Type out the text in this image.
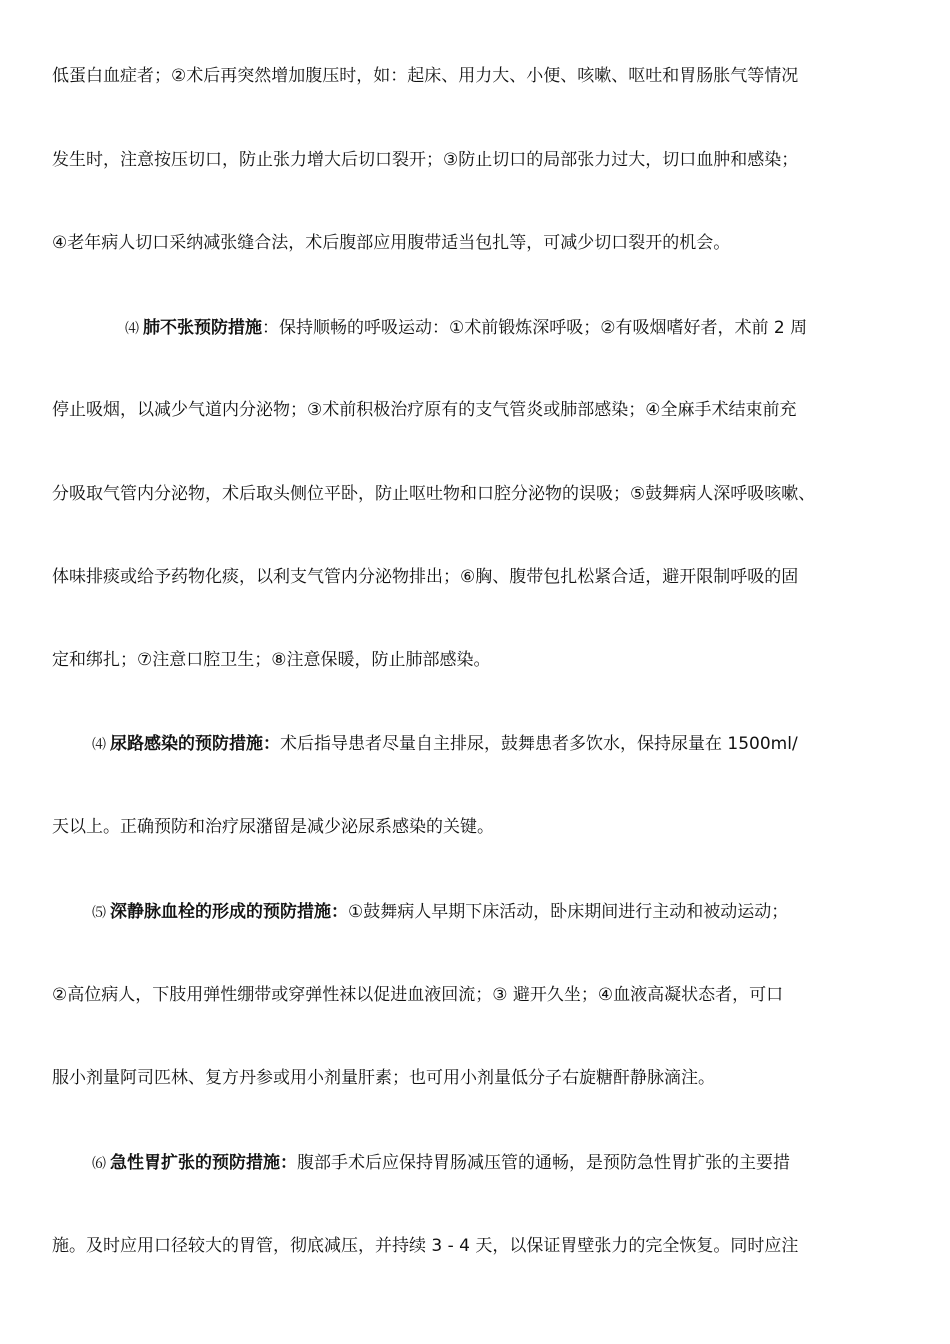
低蛋白血症者；②术后再突然增加腹压时，如：起床、用力大、小便、咳嗽、呕吐和胃肠胀气等情况
发生时，注意按压切口，防止张力增大后切口裂开；③防止切口的局部张力过大，切口血肿和感染；
④老年病人切口采纳减张缝合法，术后腹部应用腹带适当包扎等，可减少切口裂开的机会。
⑷ 肺不张预防措施：保持顺畅的呼吸运动：①术前锻炼深呼吸；②有吸烟嗜好者，术前 2 周
停止吸烟，以减少气道内分泌物；③术前积极治疗原有的支气管炎或肺部感染；④全麻手术结束前充
分吸取气管内分泌物，术后取头侧位平卧，防止呕吐物和口腔分泌物的误吸；⑤鼓舞病人深呼吸咳嗽、
体味排痰或给予药物化痰，以利支气管内分泌物排出；⑥胸、腹带包扎松紧合适，避开限制呼吸的固
定和绑扎；⑦注意口腔卫生；⑧注意保暖，防止肺部感染。
⑷ 尿路感染的预防措施：术后指导患者尽量自主排尿，鼓舞患者多饮水，保持尿量在 1500ml/
天以上。正确预防和治疗尿潴留是减少泌尿系感染的关键。
⑸ 深静脉血栓的形成的预防措施：①鼓舞病人早期下床活动，卧床期间进行主动和被动运动；
②高位病人，下肢用弹性绷带或穿弹性袜以促进血液回流；③ 避开久坐；④血液高凝状态者，可口
服小剂量阿司匹林、复方丹参或用小剂量肝素；也可用小剂量低分子右旋糖酐静脉滴注。
⑹ 急性胃扩张的预防措施：腹部手术后应保持胃肠减压管的通畅，是预防急性胃扩张的主要措
施。及时应用口径较大的胃管，彻底减压，并持续 3 - 4 天，以保证胃壁张力的完全恢复。同时应注
